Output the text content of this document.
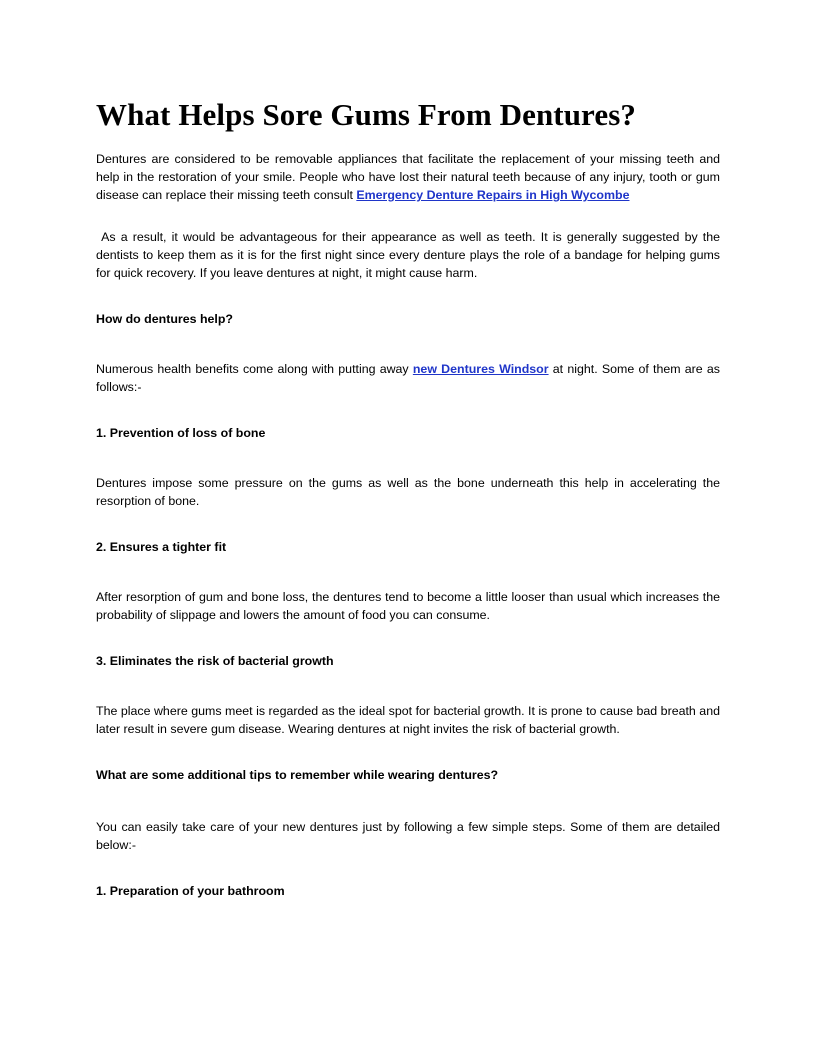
What Helps Sore Gums From Dentures?

Dentures are considered to be removable appliances that facilitate the replacement of your missing teeth and help in the restoration of your smile. People who have lost their natural teeth because of any injury, tooth or gum disease can replace their missing teeth consult Emergency Denture Repairs in High Wycombe

As a result, it would be advantageous for their appearance as well as teeth. It is generally suggested by the dentists to keep them as it is for the first night since every denture plays the role of a bandage for helping gums for quick recovery. If you leave dentures at night, it might cause harm.

How do dentures help?

Numerous health benefits come along with putting away new Dentures Windsor at night. Some of them are as follows:-

1. Prevention of loss of bone

Dentures impose some pressure on the gums as well as the bone underneath this help in accelerating the resorption of bone.

2. Ensures a tighter fit

After resorption of gum and bone loss, the dentures tend to become a little looser than usual which increases the probability of slippage and lowers the amount of food you can consume.

3. Eliminates the risk of bacterial growth

The place where gums meet is regarded as the ideal spot for bacterial growth. It is prone to cause bad breath and later result in severe gum disease. Wearing dentures at night invites the risk of bacterial growth.

What are some additional tips to remember while wearing dentures?

You can easily take care of your new dentures just by following a few simple steps. Some of them are detailed below:-

1. Preparation of your bathroom
